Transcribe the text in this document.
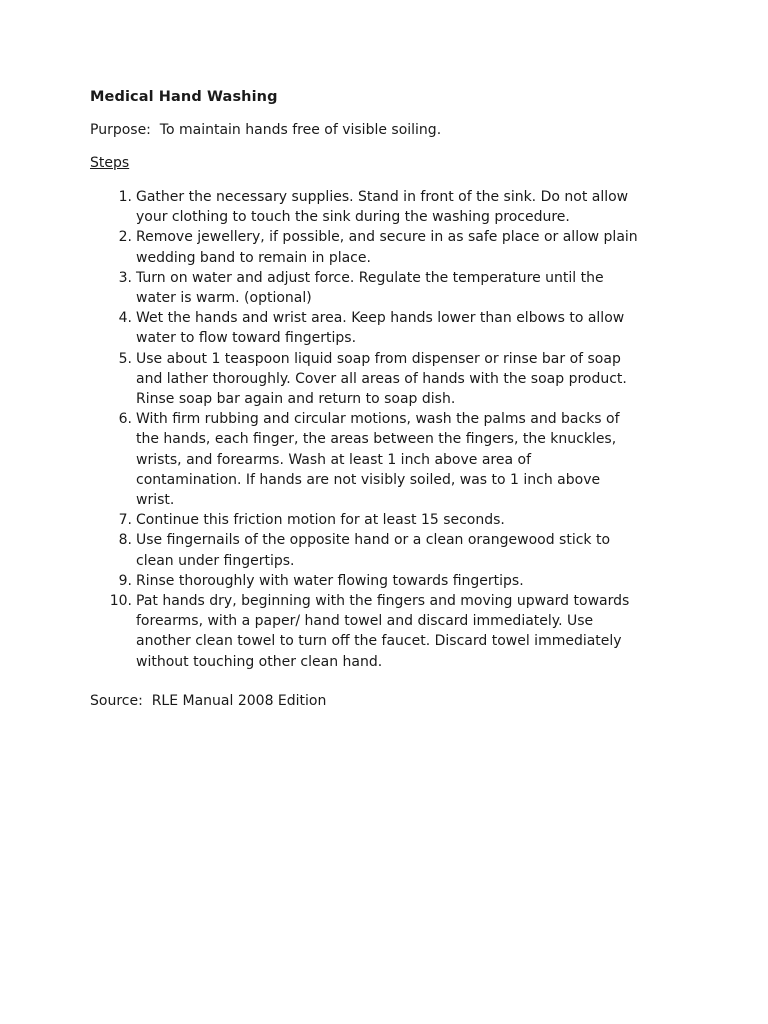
Medical Hand Washing
Purpose:  To maintain hands free of visible soiling.
Steps
1. Gather the necessary supplies. Stand in front of the sink. Do not allow
your clothing to touch the sink during the washing procedure.
2. Remove jewellery, if possible, and secure in as safe place or allow plain
wedding band to remain in place.
3. Turn on water and adjust force. Regulate the temperature until the
water is warm. (optional)
4. Wet the hands and wrist area. Keep hands lower than elbows to allow
water to flow toward fingertips.
5. Use about 1 teaspoon liquid soap from dispenser or rinse bar of soap
and lather thoroughly. Cover all areas of hands with the soap product.
Rinse soap bar again and return to soap dish.
6. With firm rubbing and circular motions, wash the palms and backs of
the hands, each finger, the areas between the fingers, the knuckles,
wrists, and forearms. Wash at least 1 inch above area of
contamination. If hands are not visibly soiled, was to 1 inch above
wrist.
7. Continue this friction motion for at least 15 seconds.
8. Use fingernails of the opposite hand or a clean orangewood stick to
clean under fingertips.
9. Rinse thoroughly with water flowing towards fingertips.
10. Pat hands dry, beginning with the fingers and moving upward towards
forearms, with a paper/ hand towel and discard immediately. Use
another clean towel to turn off the faucet. Discard towel immediately
without touching other clean hand.
Source:  RLE Manual 2008 Edition
